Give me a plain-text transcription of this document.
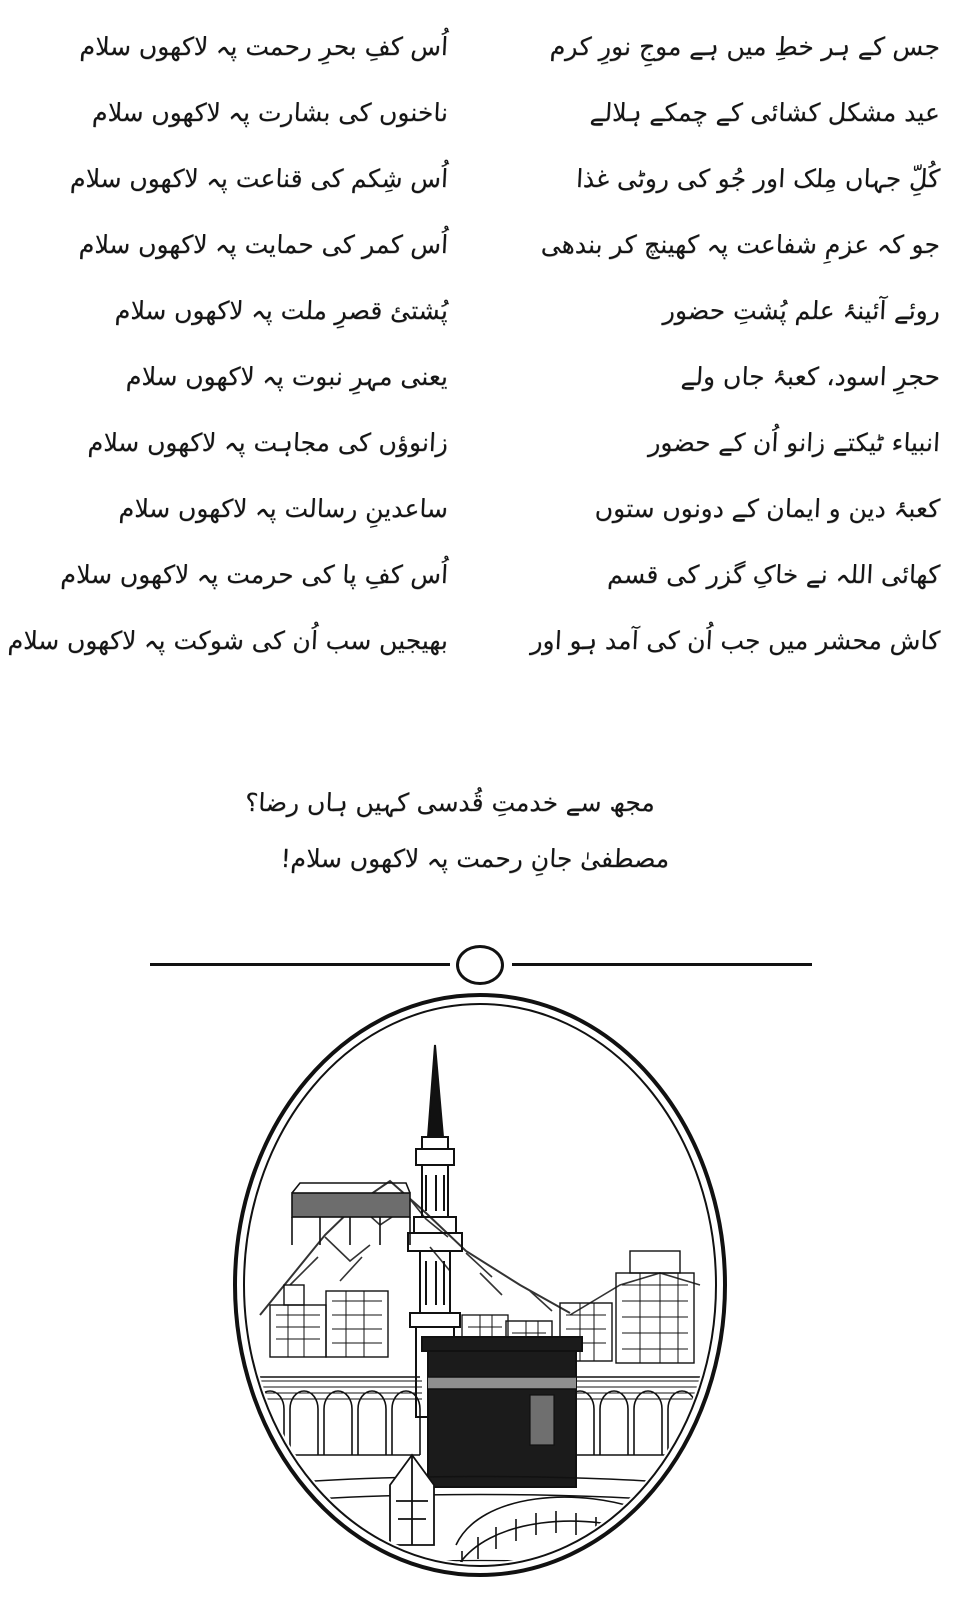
جس کے ہر خطِ میں ہے موجِ نورِ کرم
اُس کفِ بحرِ رحمت پہ لاکھوں سلام
عید مشکل کشائی کے چمکے ہلالے
ناخنوں کی بشارت پہ لاکھوں سلام
کُلِّ جہاں مِلک اور جُو کی روٹی غذا
اُس شِکم کی قناعت پہ لاکھوں سلام
جو کہ عزمِ شفاعت پہ کھینچ کر بندھی
اُس کمر کی حمایت پہ لاکھوں سلام
روئے آئینۂ علم پُشتِ حضور
پُشتئ قصرِ ملت پہ لاکھوں سلام
حجرِ اسود، کعبۂ جاں ولے
یعنی مہرِ نبوت پہ لاکھوں سلام
انبیاء ٹیکتے زانو اُن کے حضور
زانوؤں کی مجاہت پہ لاکھوں سلام
کعبۂ دین و ایمان کے دونوں ستوں
ساعدینِ رسالت پہ لاکھوں سلام
کھائی اللہ نے خاکِ گزر کی قسم
اُس کفِ پا کی حرمت پہ لاکھوں سلام
کاش محشر میں جب اُن کی آمد ہو اور
بھیجیں سب اُن کی شوکت پہ لاکھوں سلام
مجھ سے خدمتِ قُدسی کہیں ہاں رضا؟
مصطفیٰ جانِ رحمت پہ لاکھوں سلام!
